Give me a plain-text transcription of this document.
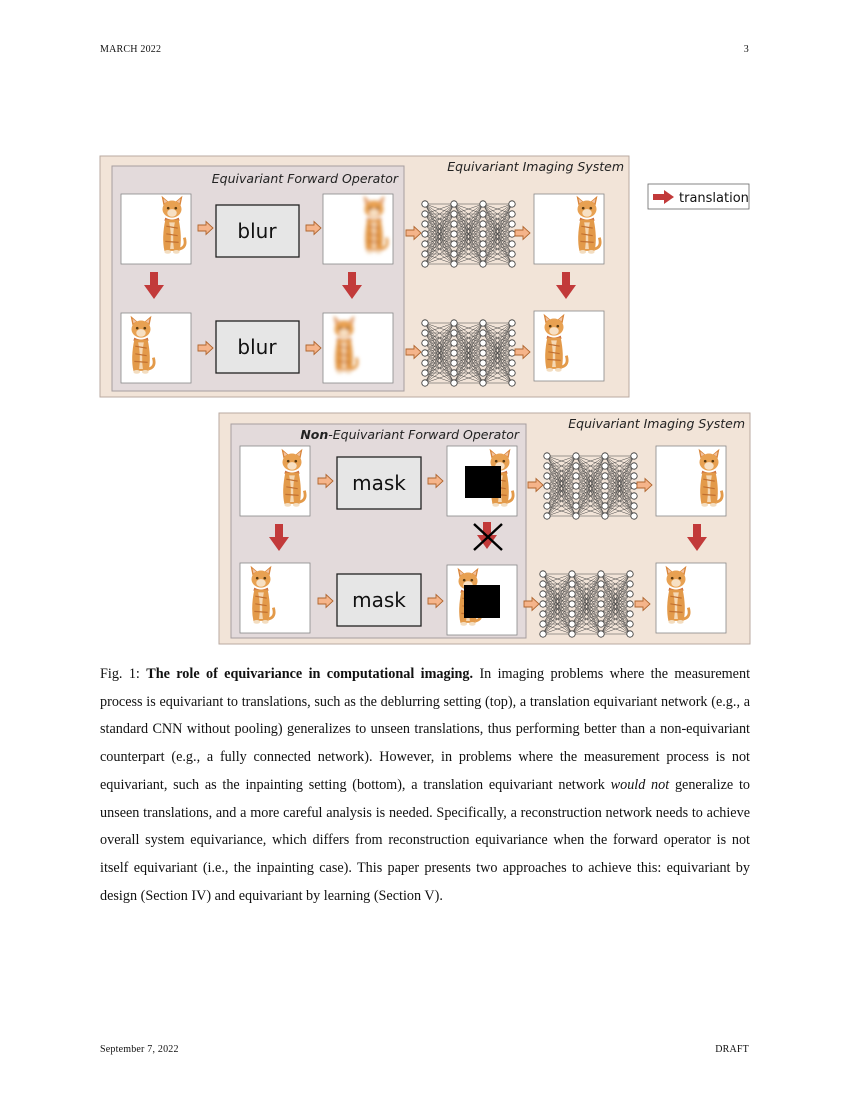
MARCH 2022	3
Equivariant Imaging System
Equivariant Forward Operator
blur
blur
translation
Equivariant Imaging System
Non-Equivariant Forward Operator
mask
mask
Fig. 1: The role of equivariance in computational imaging. In imaging problems where the measurement process is equivariant to translations, such as the deblurring setting (top), a translation equivariant network (e.g., a standard CNN without pooling) generalizes to unseen translations, thus performing better than a non-equivariant counterpart (e.g., a fully connected network). However, in problems where the measurement process is not equivariant, such as the inpainting setting (bottom), a translation equivariant network would not generalize to unseen translations, and a more careful analysis is needed. Specifically, a reconstruction network needs to achieve overall system equivariance, which differs from reconstruction equivariance when the forward operator is not itself equivariant (i.e., the inpainting case). This paper presents two approaches to achieve this: equivariant by design (Section IV) and equivariant by learning (Section V).
September 7, 2022	DRAFT
